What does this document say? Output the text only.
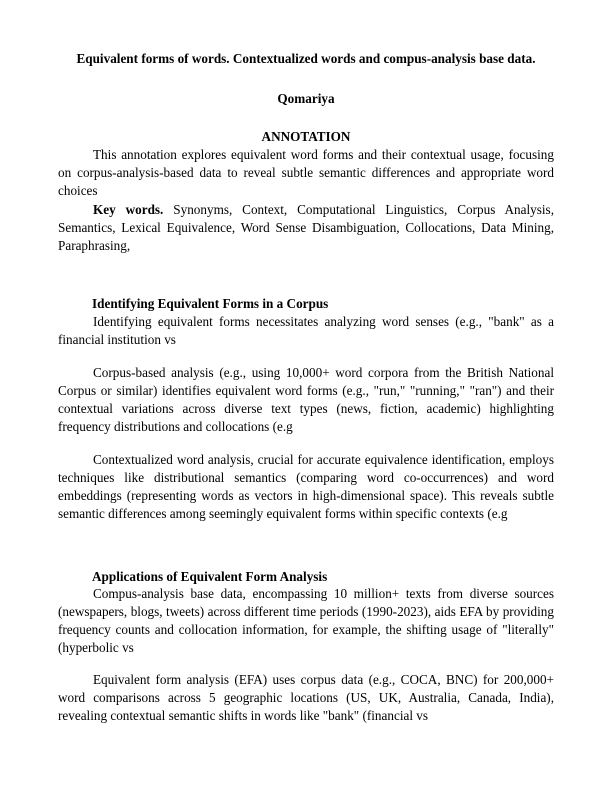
Equivalent forms of words. Contextualized words and compus-analysis base data.
Qomariya
ANNOTATION

This annotation explores equivalent word forms and their contextual usage, focusing on corpus-analysis-based data to reveal subtle semantic differences and appropriate word choices

Key words. Synonyms, Context, Computational Linguistics, Corpus Analysis, Semantics, Lexical Equivalence, Word Sense Disambiguation, Collocations, Data Mining, Paraphrasing,

Identifying Equivalent Forms in a Corpus

Identifying equivalent forms necessitates analyzing word senses (e.g., "bank" as a financial institution vs

Corpus-based analysis (e.g., using 10,000+ word corpora from the British National Corpus or similar) identifies equivalent word forms (e.g., "run," "running," "ran") and their contextual variations across diverse text types (news, fiction, academic) highlighting frequency distributions and collocations (e.g

Contextualized word analysis, crucial for accurate equivalence identification, employs techniques like distributional semantics (comparing word co-occurrences) and word embeddings (representing words as vectors in high-dimensional space). This reveals subtle semantic differences among seemingly equivalent forms within specific contexts (e.g

Applications of Equivalent Form Analysis

Compus-analysis base data, encompassing 10 million+ texts from diverse sources (newspapers, blogs, tweets) across different time periods (1990-2023), aids EFA by providing frequency counts and collocation information, for example, the shifting usage of "literally" (hyperbolic vs

Equivalent form analysis (EFA) uses corpus data (e.g., COCA, BNC) for 200,000+ word comparisons across 5 geographic locations (US, UK, Australia, Canada, India), revealing contextual semantic shifts in words like "bank" (financial vs
